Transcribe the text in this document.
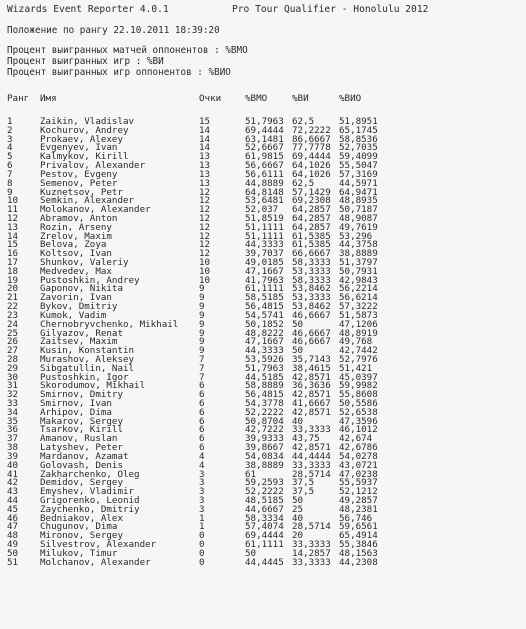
Wizards Event Reporter 4.0.1	Pro Tour Qualifier - Honolulu 2012
Положение по рангу 22.10.2011 18:39:20
Процент выигранных матчей оппонентов : %ВМО
Процент выигранных игр : %ВИ
Процент выигранных игр оппонентов : %ВИО
Ранг Имя	Очки	%ВМО	%ВИ	%ВИО
1	Zaikin, Vladislav	15	51,7963 62,5	51,8951
2	Kochurov, Andrey	14	69,4444 72,2222 65,1745
3	Prokaev, Alexey	14	63,1481 86,6667 58,8536
4	Evgenyev, Ivan	14	52,6667 77,7778 52,7035
5	Kalmykov, Kirill	13	61,9815 69,4444 59,4099
6	Privalov, Alexander	13	56,6667 64,1026 55,5047
7	Pestov, Evgeny	13	56,6111 64,1026 57,3169
8	Semenov, Peter	13	44,8889 62,5	44,5971
9	Kuznetsov, Petr	12	64,8148 57,1429 64,9471
10 Semkin, Alexander	12	53,6481 69,2308 48,8935
11 Molokanov, Alexander	12	52,037 64,2857 50,7187
12 Abramov, Anton	12	51,8519 64,2857 48,9087
13 Rozin, Arseny	12	51,1111 64,2857 49,7619
14 Zrelov, Maxim	12	51,1111 61,5385 53,296
15 Belova, Zoya	12	44,3333 61,5385 44,3758
16 Koltsov, Ivan	12	39,7037 66,6667 38,8889
17 Shunkov, Valeriy	10	49,0185 58,3333 51,3797
18 Medvedev, Max	10	47,1667 53,3333 50,7931
19 Pustoshkin, Andrey	10	41,7963 58,3333 42,9843
20 Gaponov, Nikita	9	61,1111 53,8462 56,2214
21 Zavorin, Ivan	9	58,5185 53,3333 56,6214
22 Bykov, Dmitriy	9	56,4815 53,8462 57,3222
23 Kumok, Vadim	9	54,5741 46,6667 51,5873
24 Chernobryvchenko, Mikhail 9	50,1852 50	47,1206
25 Gilyazov, Renat	9	48,8222 46,6667 48,8919
26 Zaitsev, Maxim	9	47,1667 46,6667 49,768
27 Kusin, Konstantin	9	44,3333 50	42,7442
28 Murashov, Aleksey	7	53,5926 35,7143 52,7976
29 Sibgatullin, Nail	7	51,7963 38,4615 51,421
30 Pustoshkin, Igor	7	44,5185 42,8571 45,0397
31 Skorodumov, Mikhail	6	58,8889 36,3636 59,9982
32 Smirnov, Dmitry	6	56,4815 42,8571 55,8608
33 Smirnov, Ivan	6	54,3778 41,6667 50,5586
34 Arhipov, Dima	6	52,2222 42,8571 52,6538
35 Makarov, Sergey	6	50,8704 40	47,3596
36 Tsarkov, Kirill	6	42,7222 33,3333 46,1012
37 Amanov, Ruslan	6	39,9333 43,75 42,674
38 Latyshev, Peter	6	39,8667 42,8571 42,6786
39 Mardanov, Azamat	4	54,0834 44,4444 54,0278
40 Golovash, Denis	4	38,8889 33,3333 43,0721
41 Zakharchenko, Oleg	3	61	28,5714 47,0238
42 Demidov, Sergey	3	59,2593 37,5	55,5937
43 Emyshev, Vladimir	3	52,2222 37,5	52,1212
44 Grigorenko, Leonid	3	48,5185 50	49,2857
45 Zaychenko, Dmitriy	3	44,6667 25	48,2381
46 Bedniakov, Alex	1	58,3334 40	56,746
47 Chugunov, Dima	1	57,4074 28,5714 59,6561
48 Mironov, Sergey	0	69,4444 20	65,4914
49 Silvestrov, Alexander	0	61,1111 33,3333 55,3846
50 Milukov, Timur	0	50	14,2857 48,1563
51 Molchanov, Alexander	0	44,4445 33,3333 44,2308
